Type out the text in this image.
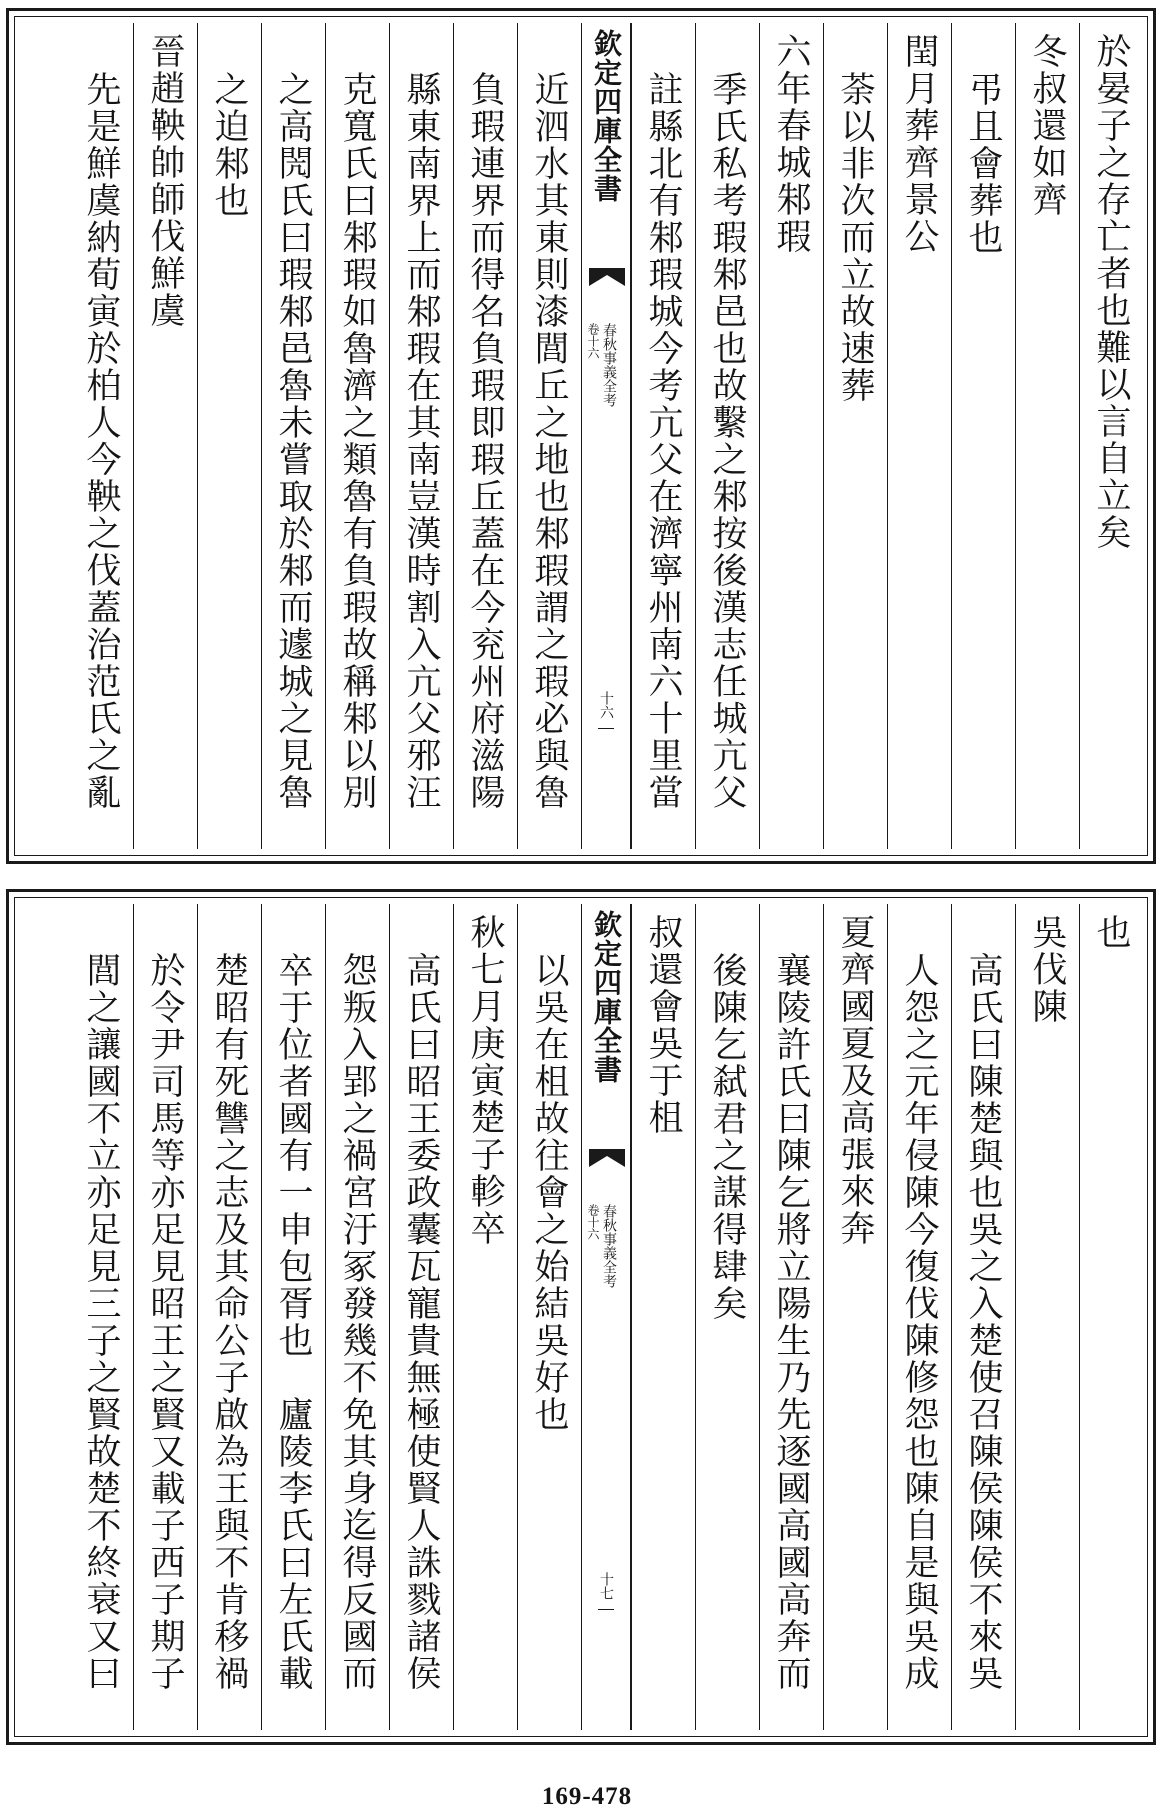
於晏子之存亡者也難以言自立矣
冬叔還如齊
弔且會葬也
閏月葬齊景公
荼以非次而立故速葬
六年春城邾瑕
季氏私考瑕邾邑也故繫之邾按後漢志任城亢父
註縣北有邾瑕城今考亢父在濟寧州南六十里當
欽定四庫全書
春秋事義全考
卷十六
十六
近泗水其東則漆閭丘之地也邾瑕謂之瑕必與魯
負瑕連界而得名負瑕即瑕丘蓋在今兖州府滋陽
縣東南界上而邾瑕在其南豈漢時割入亢父邪汪
克寬氏曰邾瑕如魯濟之類魯有負瑕故稱邾以別
之高閌氏曰瑕邾邑魯未嘗取於邾而遽城之見魯
之迫邾也
晉趙鞅帥師伐鮮虞
先是鮮虞納荀寅於柏人今鞅之伐蓋治范氏之亂
也
吳伐陳
高氏曰陳楚與也吳之入楚使召陳侯陳侯不來吳
人怨之元年侵陳今復伐陳修怨也陳自是與吳成
夏齊國夏及高張來奔
襄陵許氏曰陳乞將立陽生乃先逐國高國高奔而
後陳乞弑君之謀得肆矣
叔還會吳于柤
欽定四庫全書
春秋事義全考
卷十六
十七
以吳在柤故往會之始結吳好也
秋七月庚寅楚子軫卒
高氏曰昭王委政囊瓦寵貴無極使賢人誅戮諸侯
怨叛入郢之禍宮汙冢發幾不免其身迄得反國而
卒于位者國有一申包胥也　廬陵李氏曰左氏載
楚昭有死讐之志及其命公子啟為王與不肯移禍
於令尹司馬等亦足見昭王之賢又載子西子期子
閭之讓國不立亦足見三子之賢故楚不終衰又曰
169-478
